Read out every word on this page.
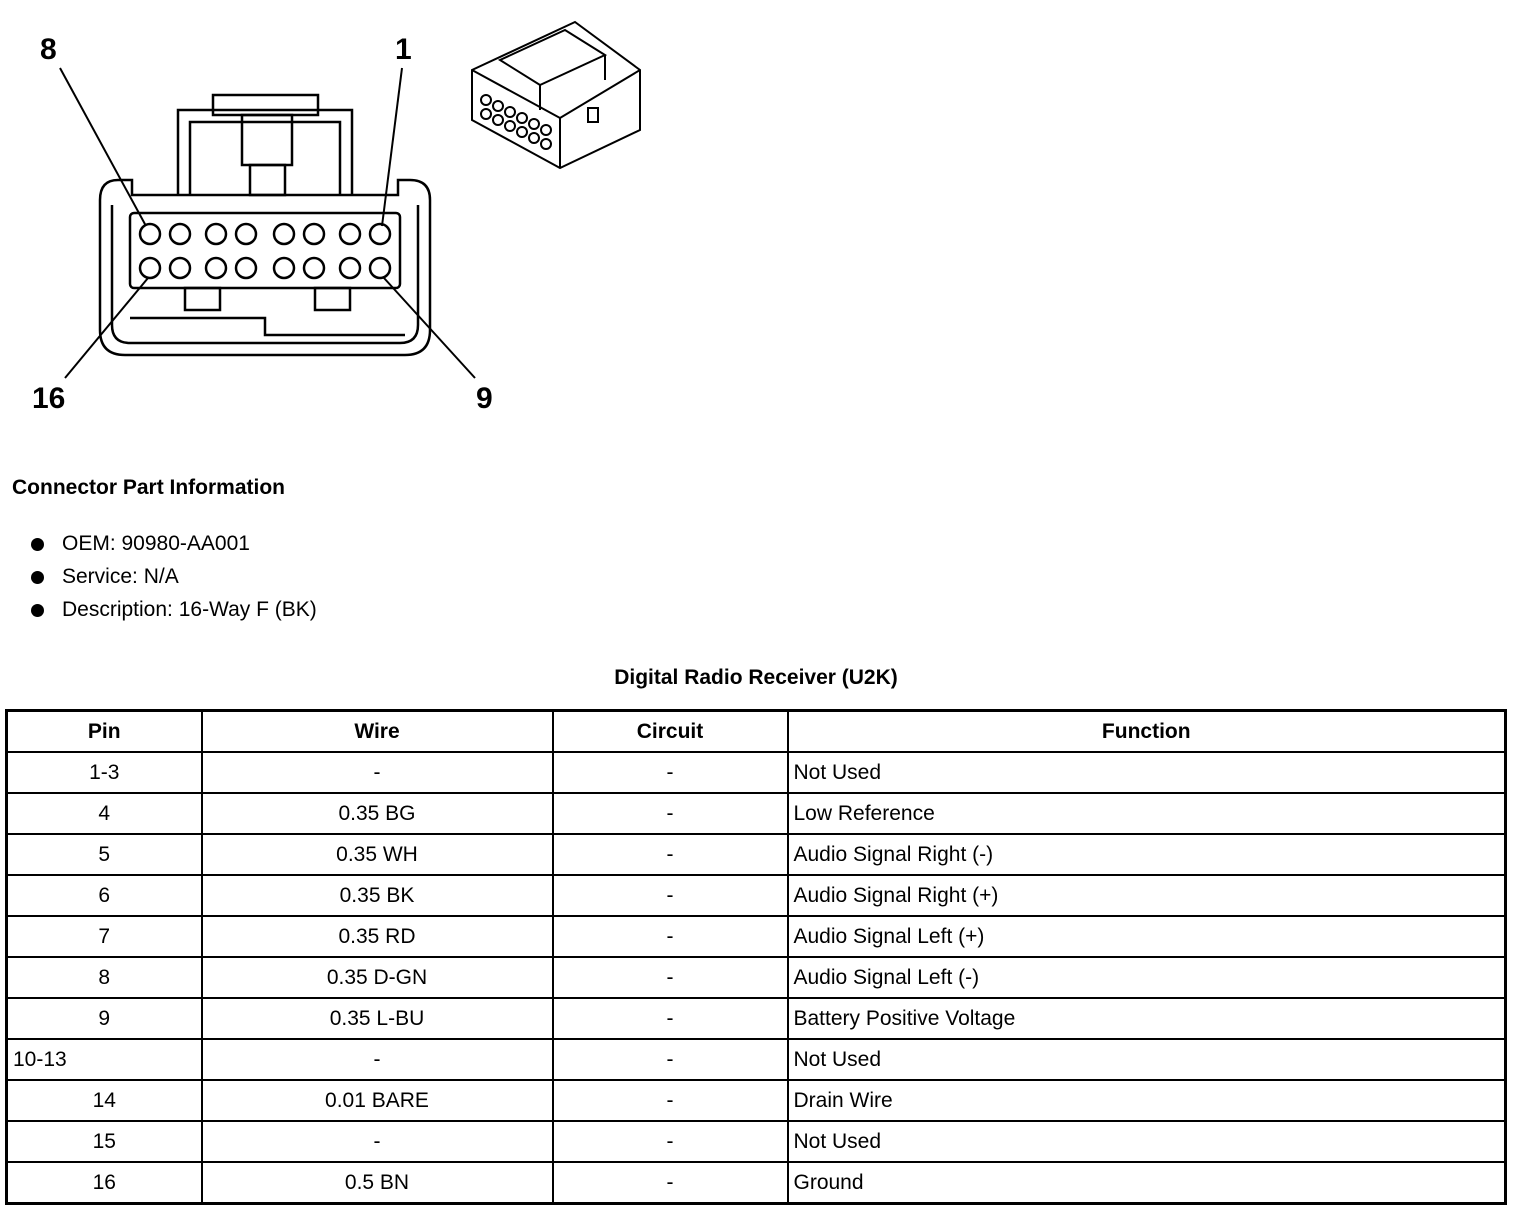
8	1
16	9
Connector Part Information
OEM: 90980-AA001
Service: N/A
Description: 16-Way F (BK)
Digital Radio Receiver (U2K)
Pin	Wire	Circuit	Function
1-3	-	-	Not Used
4	0.35 BG	-	Low Reference
5	0.35 WH	-	Audio Signal Right (-)
6	0.35 BK	-	Audio Signal Right (+)
7	0.35 RD	-	Audio Signal Left (+)
8	0.35 D-GN	-	Audio Signal Left (-)
9	0.35 L-BU	-	Battery Positive Voltage
10-13	-	-	Not Used
14	0.01 BARE	-	Drain Wire
15	-	-	Not Used
16	0.5 BN	-	Ground
